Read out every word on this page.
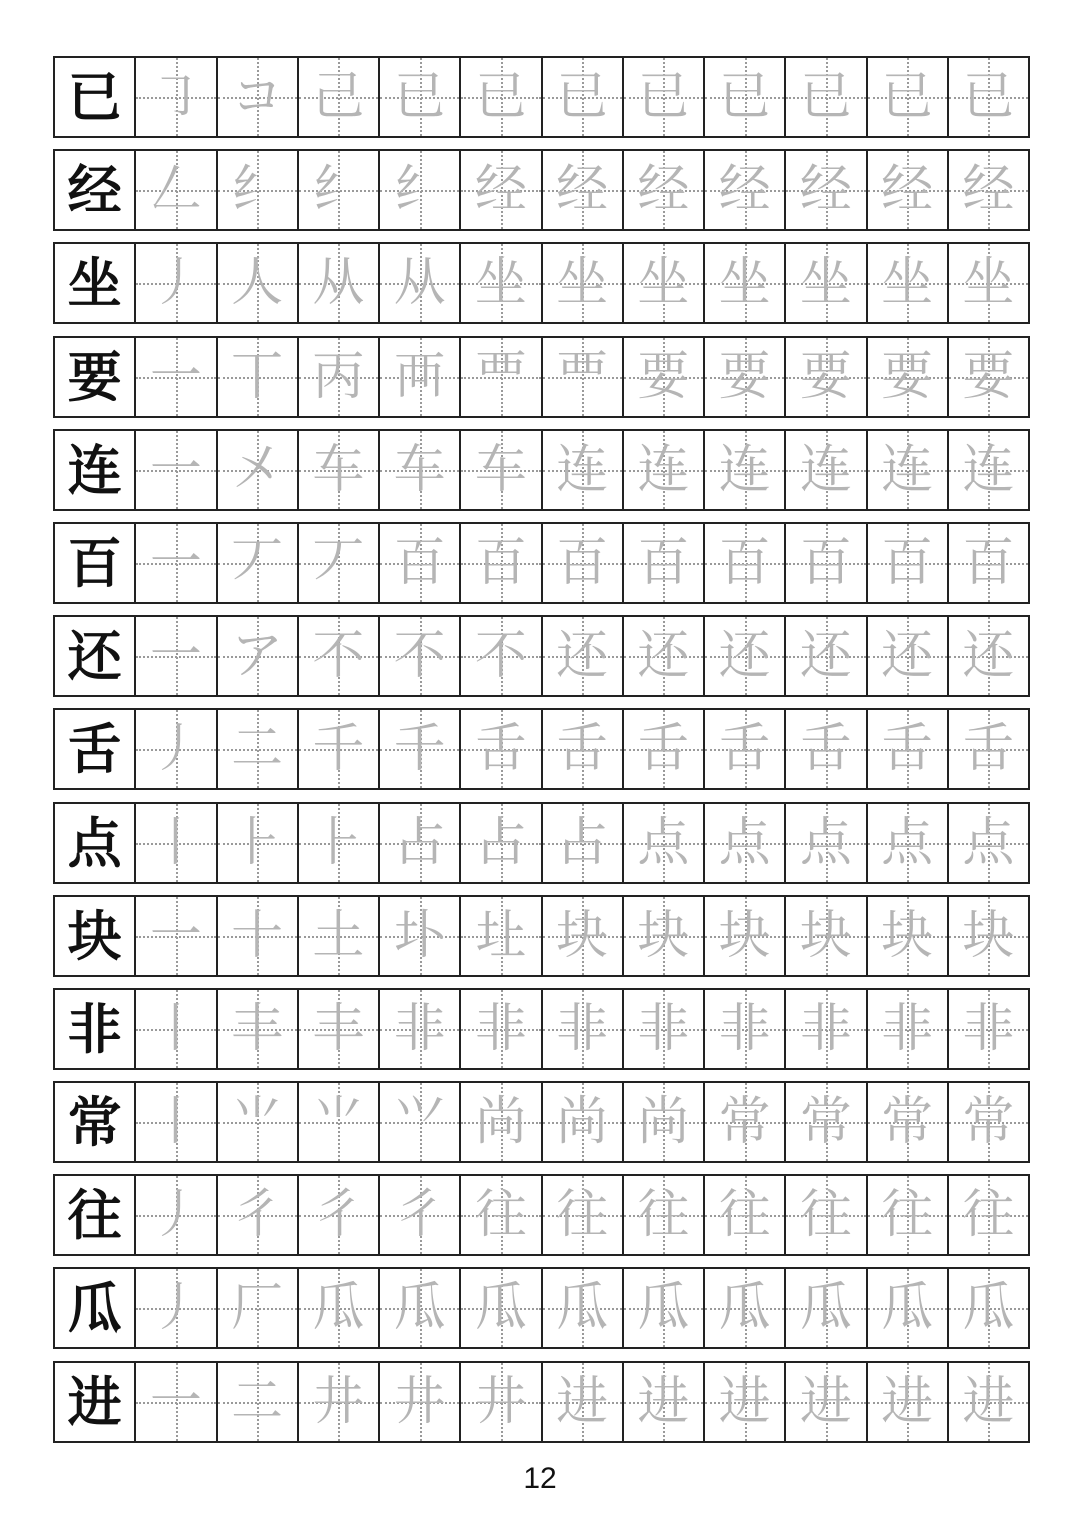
已 ㇆ コ 己 已 已 已 已 已 已 已 已
经 𠃋 纟 纟 纟 经 经 经 经 经 经 经
坐 丿 人 从 从 坐 坐 坐 坐 坐 坐 坐
要 一 丅 丙 襾 覀 覀 要 要 要 要 要
连 一 㐅 车 车 车 连 连 连 连 连 连
百 一 丆 丆 百 百 百 百 百 百 百 百
还 一 ア 不 不 不 还 还 还 还 还 还
舌 丿 二 千 千 舌 舌 舌 舌 舌 舌 舌
点 丨 ⺊ ⺊ 占 占 占 点 点 点 点 点
块 一 十 土 圤 圵 块 块 块 块 块 块
非 丨 丰 丰 非 非 非 非 非 非 非 非
常 丨 ⺌ ⺌ ⺍ 尚 尚 尚 常 常 常 常
往 丿 彳 彳 彳 往 往 往 往 往 往 往
瓜 丿 厂 瓜 瓜 瓜 瓜 瓜 瓜 瓜 瓜 瓜
进 一 二 井 井 井 进 进 进 进 进 进
12
